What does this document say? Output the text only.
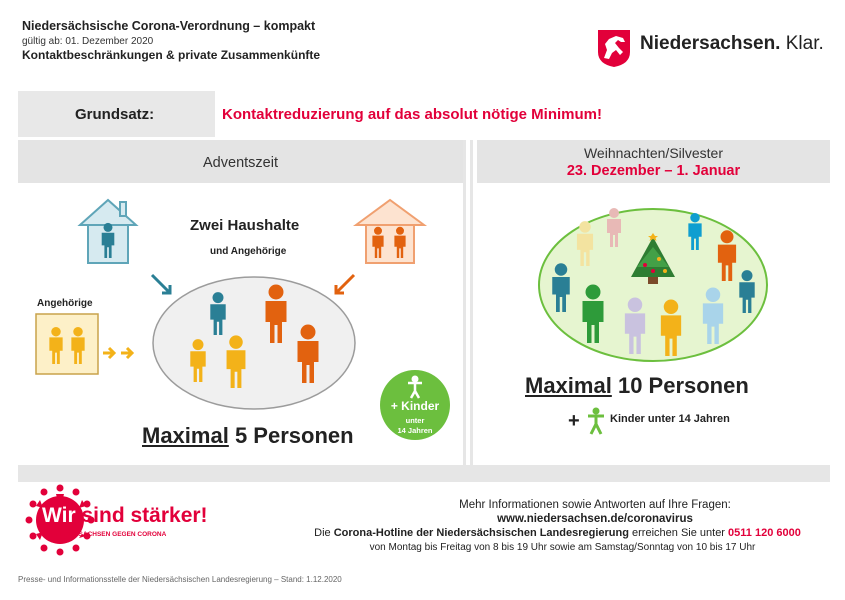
Niedersächsische Corona-Verordnung – kompakt
gültig ab: 01. Dezember 2020
Kontaktbeschränkungen & private Zusammenkünfte
Niedersachsen. Klar.
Grundsatz:	Kontaktreduzierung auf das absolut nötige Minimum!
Adventszeit
Weihnachten/Silvester
23. Dezember – 1. Januar
+ Kinder
unter
14 Jahren
Zwei Haushalte
und Angehörige
Angehörige
Maximal 5 Personen
Maximal 10 Personen
+	Kinder unter 14 Jahren
Wir sind stärker!
NIEDERSACHSEN GEGEN CORONA
Mehr Informationen sowie Antworten auf Ihre Fragen:
www.niedersachsen.de/coronavirus
Die Corona-Hotline der Niedersächsischen Landesregierung erreichen Sie unter 0511 120 6000
von Montag bis Freitag von 8 bis 19 Uhr sowie am Samstag/Sonntag von 10 bis 17 Uhr
Presse- und Informationsstelle der Niedersächsischen Landesregierung – Stand: 1.12.2020
